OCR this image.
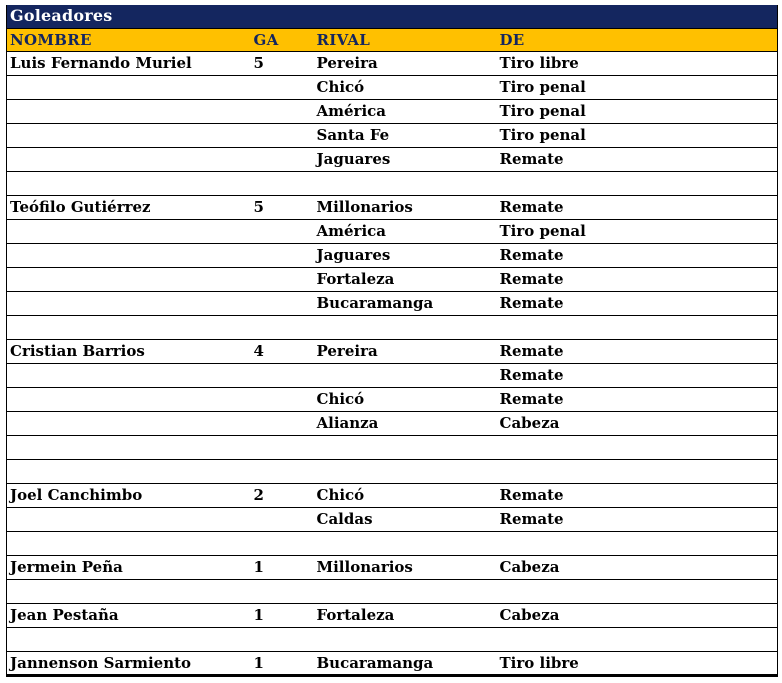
Goleadores			
NOMBRE	GA	RIVAL	DE
Luis Fernando Muriel	5	Pereira	Tiro libre
		Chicó	Tiro penal
		América	Tiro penal
		Santa Fe	Tiro penal
		Jaguares	Remate

Teófilo Gutiérrez	5	Millonarios	Remate
		América	Tiro penal
		Jaguares	Remate
		Fortaleza	Remate
		Bucaramanga	Remate

Cristian Barrios	4	Pereira	Remate
			Remate
		Chicó	Remate
		Alianza	Cabeza

Joel Canchimbo	2	Chicó	Remate
		Caldas	Remate

Jermein Peña	1	Millonarios	Cabeza

Jean Pestaña	1	Fortaleza	Cabeza

Jannenson Sarmiento	1	Bucaramanga	Tiro libre
